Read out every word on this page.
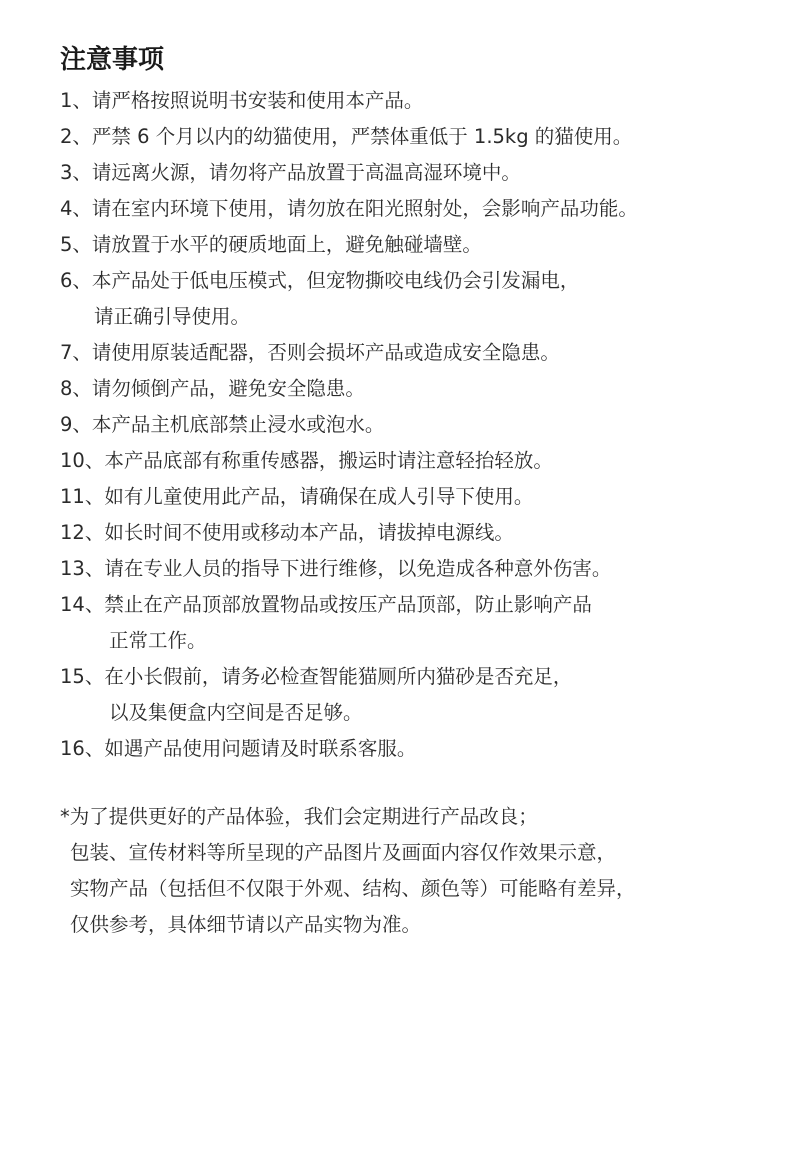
注意事项
1、请严格按照说明书安装和使用本产品。
2、严禁 6 个月以内的幼猫使用，严禁体重低于 1.5kg 的猫使用。
3、请远离火源，请勿将产品放置于高温高湿环境中。
4、请在室内环境下使用，请勿放在阳光照射处，会影响产品功能。
5、请放置于水平的硬质地面上，避免触碰墙壁。
6、本产品处于低电压模式，但宠物撕咬电线仍会引发漏电，
请正确引导使用。
7、请使用原装适配器，否则会损坏产品或造成安全隐患。
8、请勿倾倒产品，避免安全隐患。
9、本产品主机底部禁止浸水或泡水。
10、本产品底部有称重传感器，搬运时请注意轻抬轻放。
11、如有儿童使用此产品，请确保在成人引导下使用。
12、如长时间不使用或移动本产品，请拔掉电源线。
13、请在专业人员的指导下进行维修，以免造成各种意外伤害。
14、禁止在产品顶部放置物品或按压产品顶部，防止影响产品
正常工作。
15、在小长假前，请务必检查智能猫厕所内猫砂是否充足，
以及集便盒内空间是否足够。
16、如遇产品使用问题请及时联系客服。
*为了提供更好的产品体验，我们会定期进行产品改良；
包装、宣传材料等所呈现的产品图片及画面内容仅作效果示意，
实物产品（包括但不仅限于外观、结构、颜色等）可能略有差异，
仅供参考，具体细节请以产品实物为准。
